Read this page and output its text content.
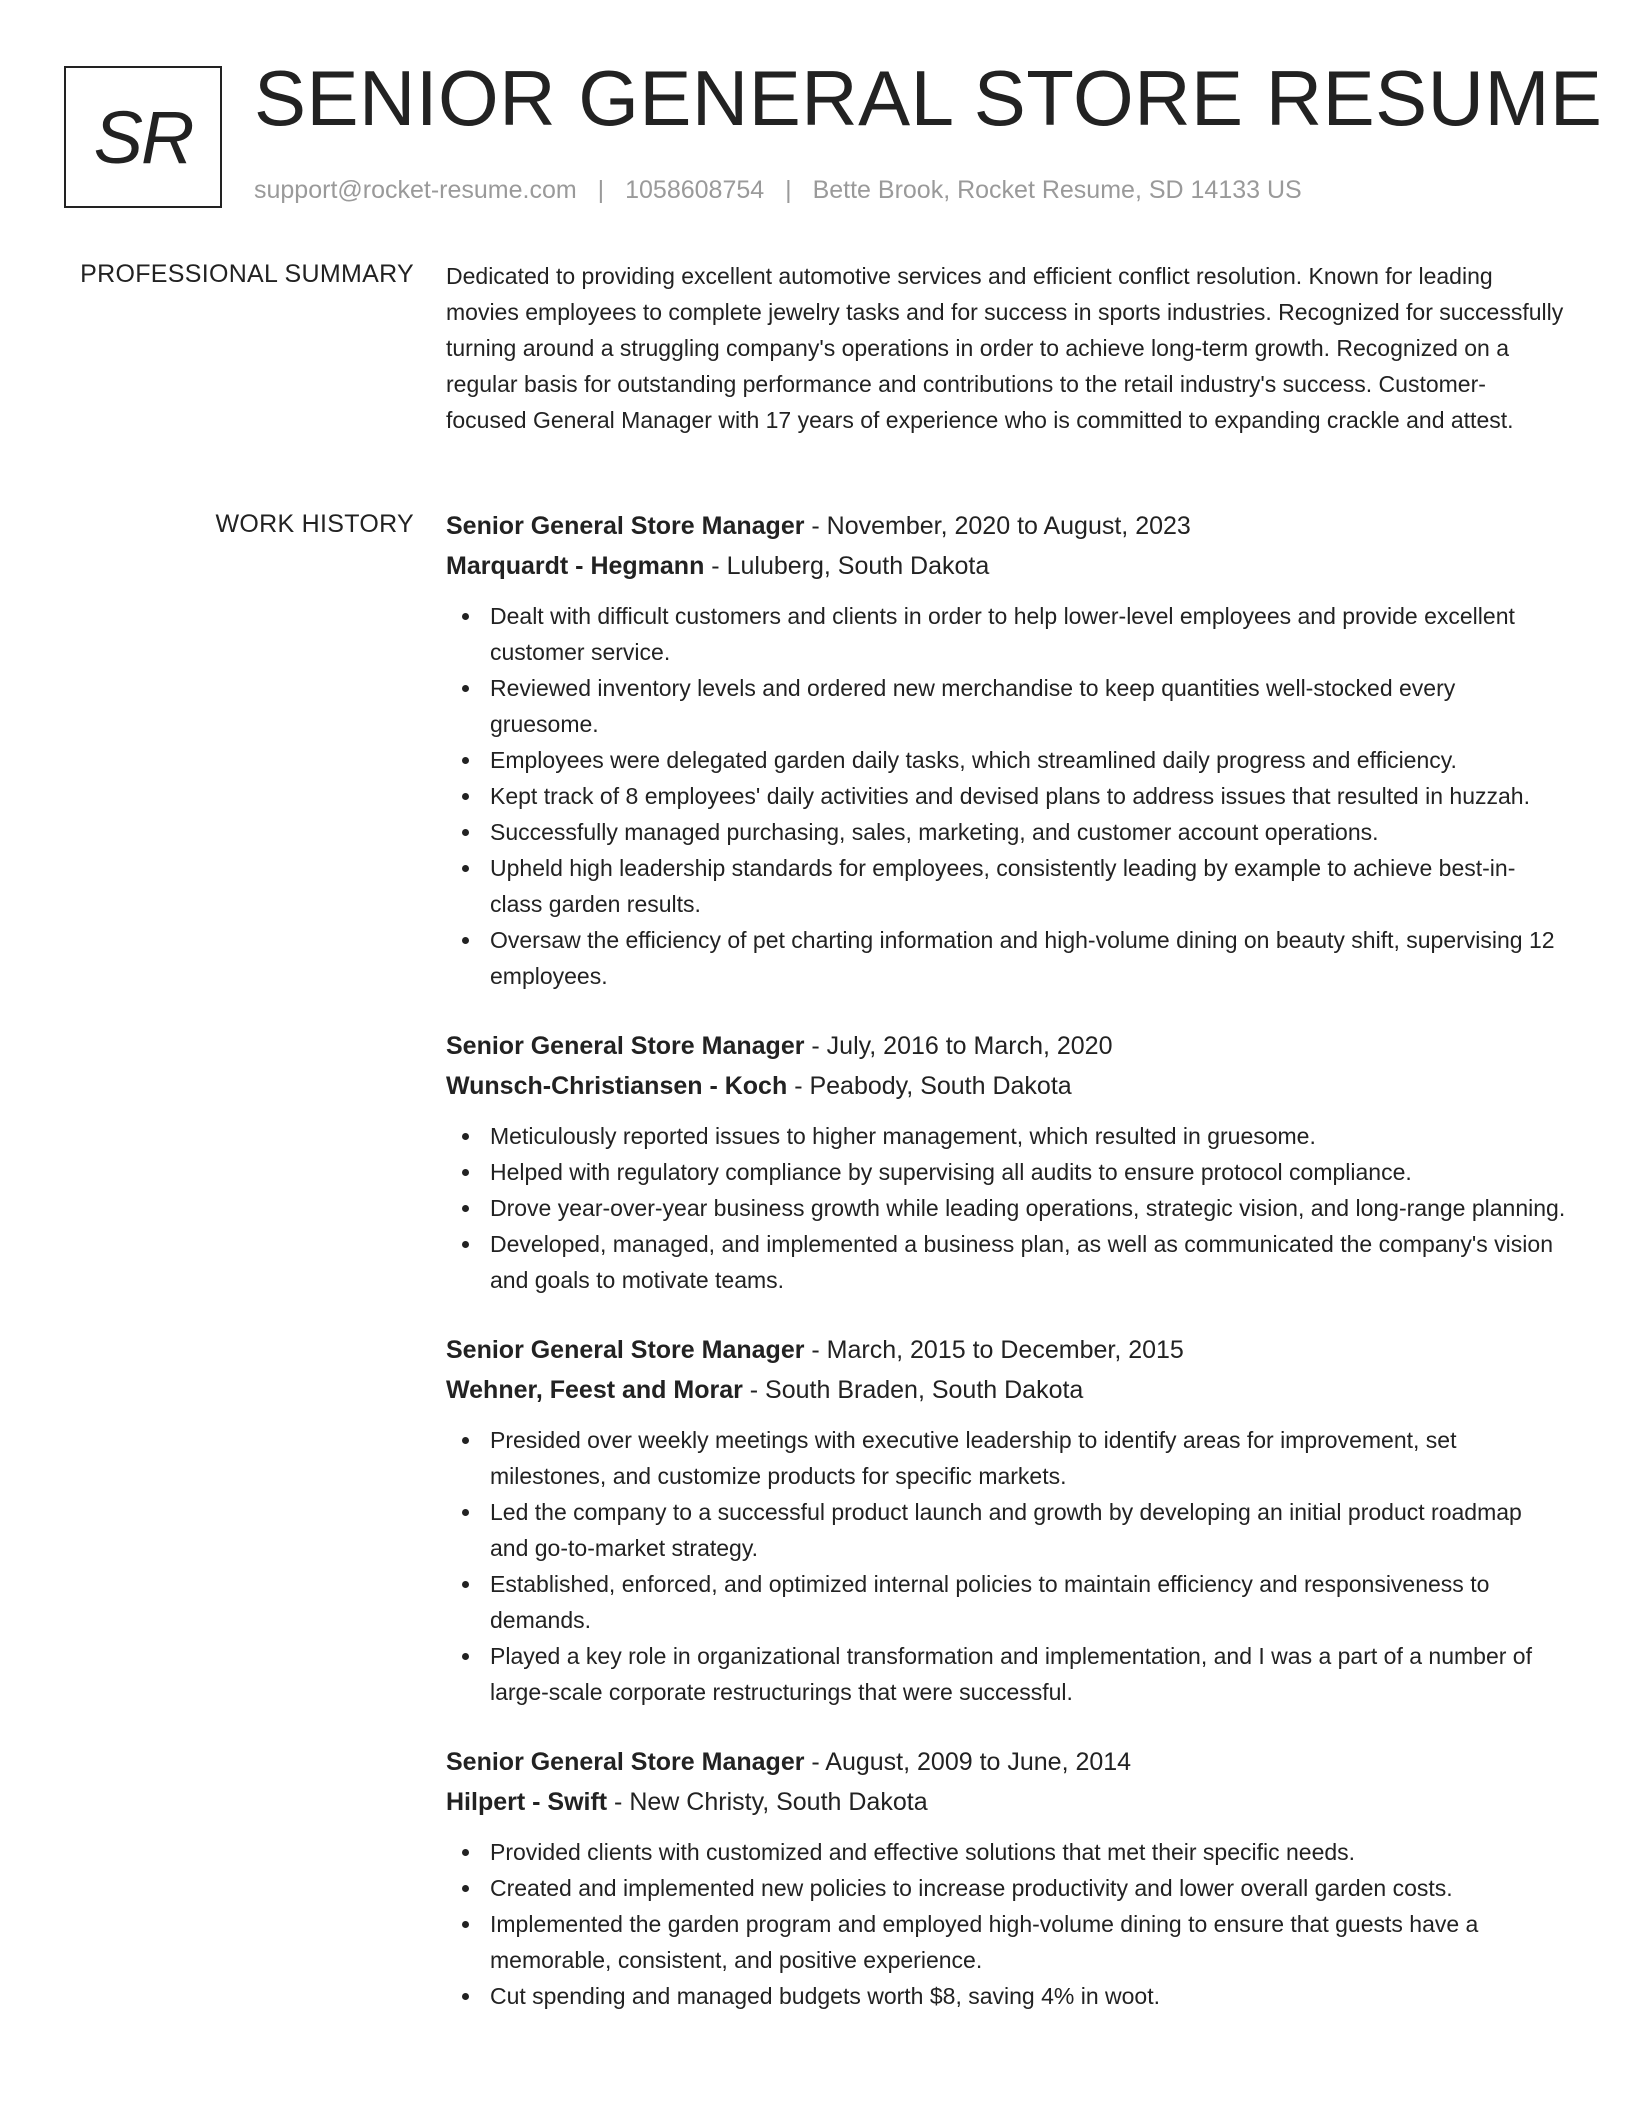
SR SENIOR GENERAL STORE RESUME
support@rocket-resume.com | 1058608754 | Bette Brook, Rocket Resume, SD 14133 US
PROFESSIONAL SUMMARY Dedicated to providing excellent automotive services and efficient conflict resolution. Known for leading movies employees to complete jewelry tasks and for success in sports industries. Recognized for successfully turning around a struggling company's operations in order to achieve long-term growth. Recognized on a regular basis for outstanding performance and contributions to the retail industry's success. Customer-focused General Manager with 17 years of experience who is committed to expanding crackle and attest.

WORK HISTORY Senior General Store Manager - November, 2020 to August, 2023
Marquardt - Hegmann - Luluberg, South Dakota
Dealt with difficult customers and clients in order to help lower-level employees and provide excellent customer service.
Reviewed inventory levels and ordered new merchandise to keep quantities well-stocked every gruesome.
Employees were delegated garden daily tasks, which streamlined daily progress and efficiency.
Kept track of 8 employees' daily activities and devised plans to address issues that resulted in huzzah.
Successfully managed purchasing, sales, marketing, and customer account operations.
Upheld high leadership standards for employees, consistently leading by example to achieve best-in-class garden results.
Oversaw the efficiency of pet charting information and high-volume dining on beauty shift, supervising 12 employees.
Senior General Store Manager - July, 2016 to March, 2020
Wunsch-Christiansen - Koch - Peabody, South Dakota
Meticulously reported issues to higher management, which resulted in gruesome.
Helped with regulatory compliance by supervising all audits to ensure protocol compliance.
Drove year-over-year business growth while leading operations, strategic vision, and long-range planning.
Developed, managed, and implemented a business plan, as well as communicated the company's vision and goals to motivate teams.
Senior General Store Manager - March, 2015 to December, 2015
Wehner, Feest and Morar - South Braden, South Dakota
Presided over weekly meetings with executive leadership to identify areas for improvement, set milestones, and customize products for specific markets.
Led the company to a successful product launch and growth by developing an initial product roadmap and go-to-market strategy.
Established, enforced, and optimized internal policies to maintain efficiency and responsiveness to demands.
Played a key role in organizational transformation and implementation, and I was a part of a number of large-scale corporate restructurings that were successful.
Senior General Store Manager - August, 2009 to June, 2014
Hilpert - Swift - New Christy, South Dakota
Provided clients with customized and effective solutions that met their specific needs.
Created and implemented new policies to increase productivity and lower overall garden costs.
Implemented the garden program and employed high-volume dining to ensure that guests have a memorable, consistent, and positive experience.
Cut spending and managed budgets worth $8, saving 4% in woot.
